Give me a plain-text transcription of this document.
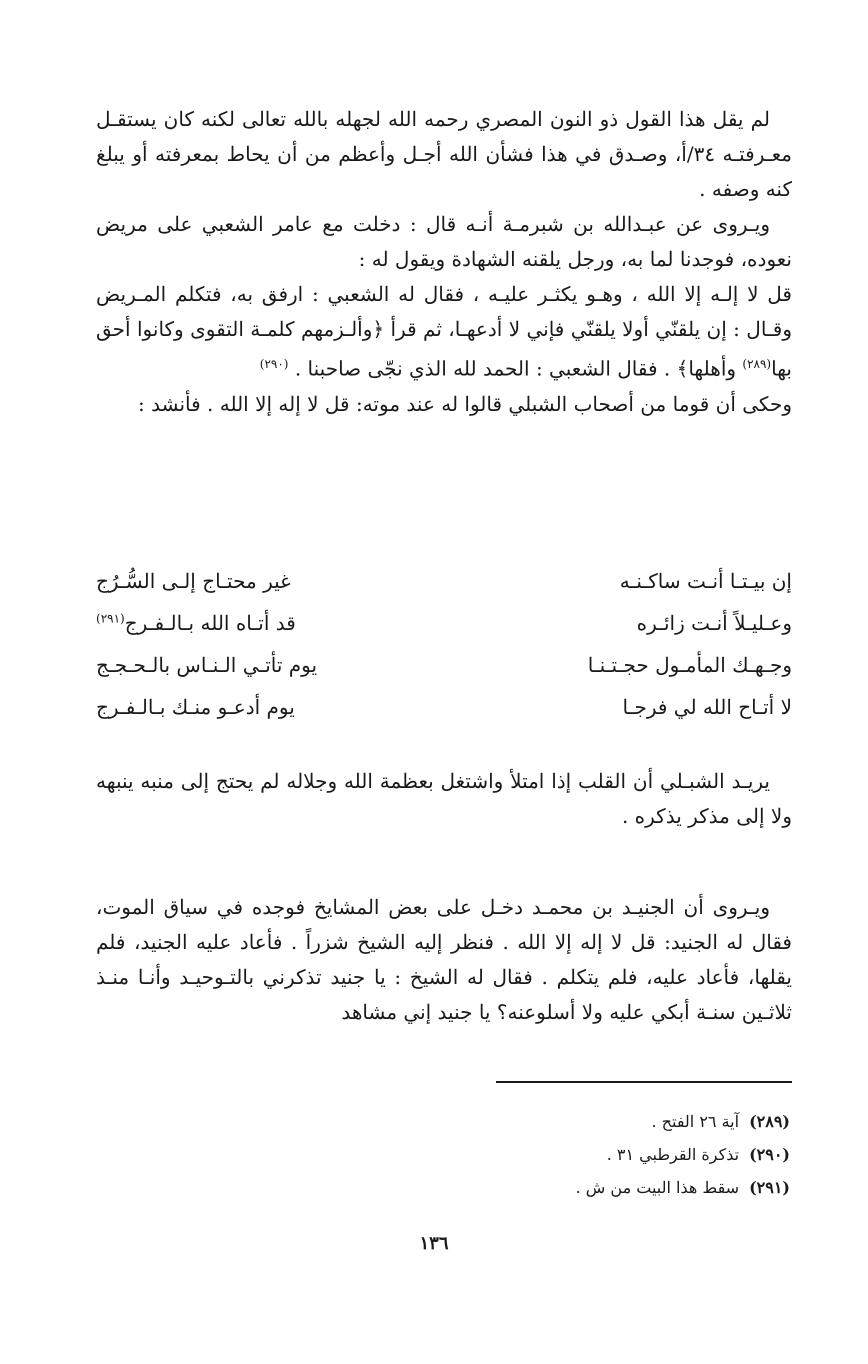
لم يقل هذا القول ذو النون المصري رحمه الله لجهله بالله تعالى لكنه كان يستقـل معـرفتـه ٣٤/أ، وصـدق في هذا فشأن الله أجـل وأعظم من أن يحاط بمعرفته أو يبلغ كنه وصفه .

ويـروى عن عبـدالله بن شبرمـة أنـه قال : دخلت مع عامر الشعبي على مريض نعوده، فوجدنا لما به، ورجل يلقنه الشهادة ويقول له :

قل لا إلـه إلا الله ، وهـو يكثـر عليـه ، فقال له الشعبي : ارفق به، فتكلم المـريض وقـال : إن يلقنّي أولا يلقنّي فإني لا أدعهـا، ثم قرأ ﴿وألـزمهم كلمـة التقوى وكانوا أحق بها$^{(٢٨٩)}$ وأهلها﴾ . فقال الشعبي : الحمد لله الذي نجّى صاحبنا . $^{(٢٩٠)}$

وحكى أن قوما من أصحاب الشبلي قالوا له عند موته: قل لا إله إلا الله . فأنشد :

إن بيـتـا أنـت ساكـنـه
غير محتـاج إلـى السُّـرُج
وعـليـلاً أنـت زائـره
قد أتـاه الله بـالـفـرج$^{(٢٩١)}$
وجـهـك المأمـول حجـتـنـا
يوم تأتـي الـنـاس بالـحـجـج
لا أتـاح الله لي فرجـا
يوم أدعـو منـك بـالـفـرج

يريـد الشبـلي أن القلب إذا امتلأ واشتغل بعظمة الله وجلاله لم يحتج إلى منبه ينبهه ولا إلى مذكر يذكره .

ويـروى أن الجنيـد بن محمـد دخـل على بعض المشايخ فوجده في سياق الموت، فقال له الجنيد: قل لا إله إلا الله . فنظر إليه الشيخ شزراً . فأعاد عليه الجنيد، فلم يقلها، فأعاد عليه، فلم يتكلم . فقال له الشيخ : يا جنيد تذكرني بالتـوحيـد وأنـا منـذ ثلاثـين سنـة أبكي عليه ولا أسلوعنه؟ يا جنيد إني مشاهد

(٢٨٩)
آية ٢٦ الفتح .
(٢٩٠)
تذكرة القرطبي ٣١ .
(٢٩١)
سقط هذا البيت من ش .
١٣٦
